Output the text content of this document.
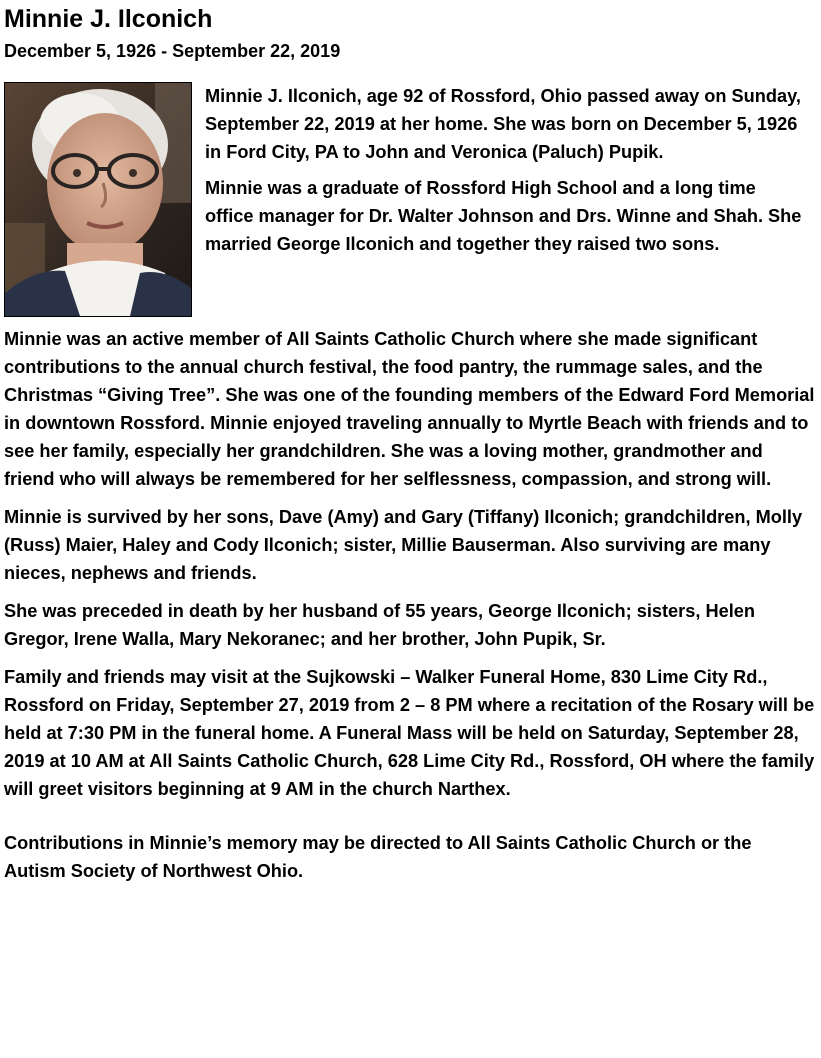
Minnie J. Ilconich
December 5, 1926 - September 22, 2019

Minnie J. Ilconich, age 92 of Rossford, Ohio passed away on Sunday, September 22, 2019 at her home. She was born on December 5, 1926 in Ford City, PA to John and Veronica (Paluch) Pupik.

Minnie was a graduate of Rossford High School and a long time office manager for Dr. Walter Johnson and Drs. Winne and Shah. She married George Ilconich and together they raised two sons.

Minnie was an active member of All Saints Catholic Church where she made significant contributions to the annual church festival, the food pantry, the rummage sales, and the Christmas “Giving Tree”. She was one of the founding members of the Edward Ford Memorial in downtown Rossford. Minnie enjoyed traveling annually to Myrtle Beach with friends and to see her family, especially her grandchildren. She was a loving mother, grandmother and friend who will always be remembered for her selflessness, compassion, and strong will.

Minnie is survived by her sons, Dave (Amy) and Gary (Tiffany) Ilconich; grandchildren, Molly (Russ) Maier, Haley and Cody Ilconich; sister, Millie Bauserman. Also surviving are many nieces, nephews and friends.

She was preceded in death by her husband of 55 years, George Ilconich; sisters, Helen Gregor, Irene Walla, Mary Nekoranec; and her brother, John Pupik, Sr.

Family and friends may visit at the Sujkowski – Walker Funeral Home, 830 Lime City Rd., Rossford on Friday, September 27, 2019 from 2 – 8 PM where a recitation of the Rosary will be held at 7:30 PM in the funeral home. A Funeral Mass will be held on Saturday, September 28, 2019 at 10 AM at All Saints Catholic Church, 628 Lime City Rd., Rossford, OH where the family will greet visitors beginning at 9 AM in the church Narthex.

Contributions in Minnie’s memory may be directed to All Saints Catholic Church or the Autism Society of Northwest Ohio.
